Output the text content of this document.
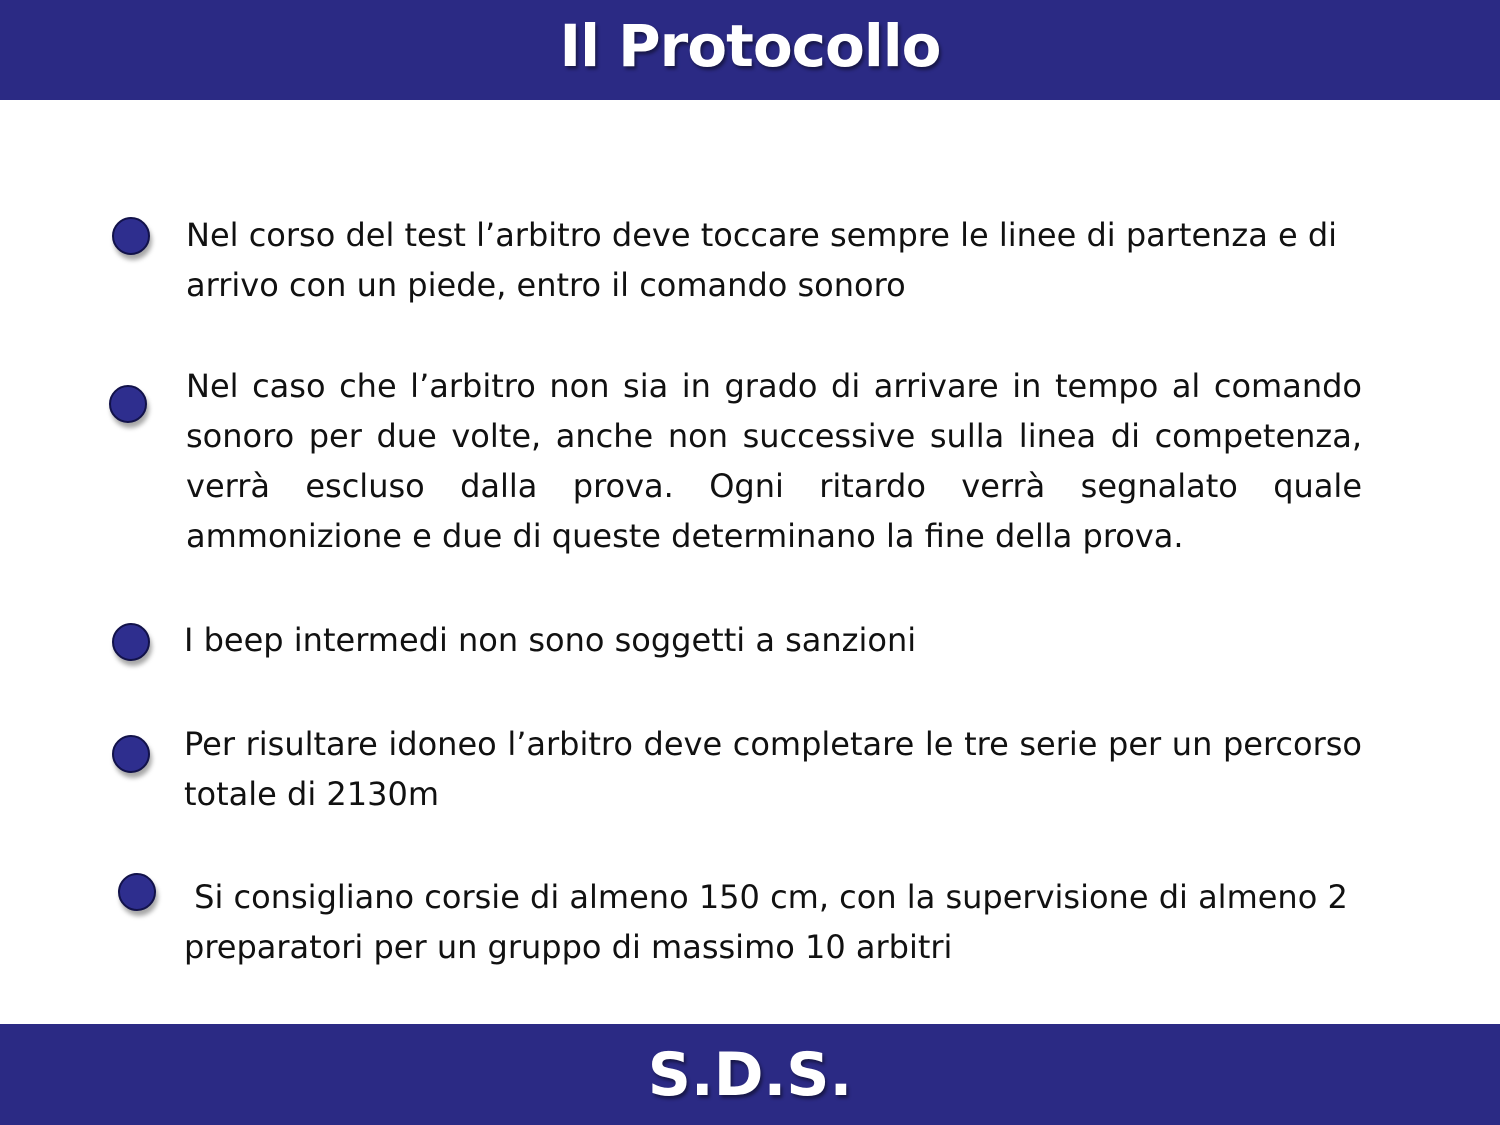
Il Protocollo

Nel corso del test l’arbitro deve toccare sempre le linee di partenza e di arrivo con un piede, entro il comando sonoro

Nel caso che l’arbitro non sia in grado di arrivare in tempo al comando sonoro per due volte, anche non successive sulla linea di competenza, verrà escluso dalla prova. Ogni ritardo verrà segnalato quale ammonizione e due di queste determinano la fine della prova.

I beep intermedi non sono soggetti a sanzioni

Per risultare idoneo l’arbitro deve completare le tre serie per un percorso totale di 2130m

Si consigliano corsie di almeno 150 cm, con la supervisione di almeno 2 preparatori per un gruppo di massimo 10 arbitri

S.D.S.
